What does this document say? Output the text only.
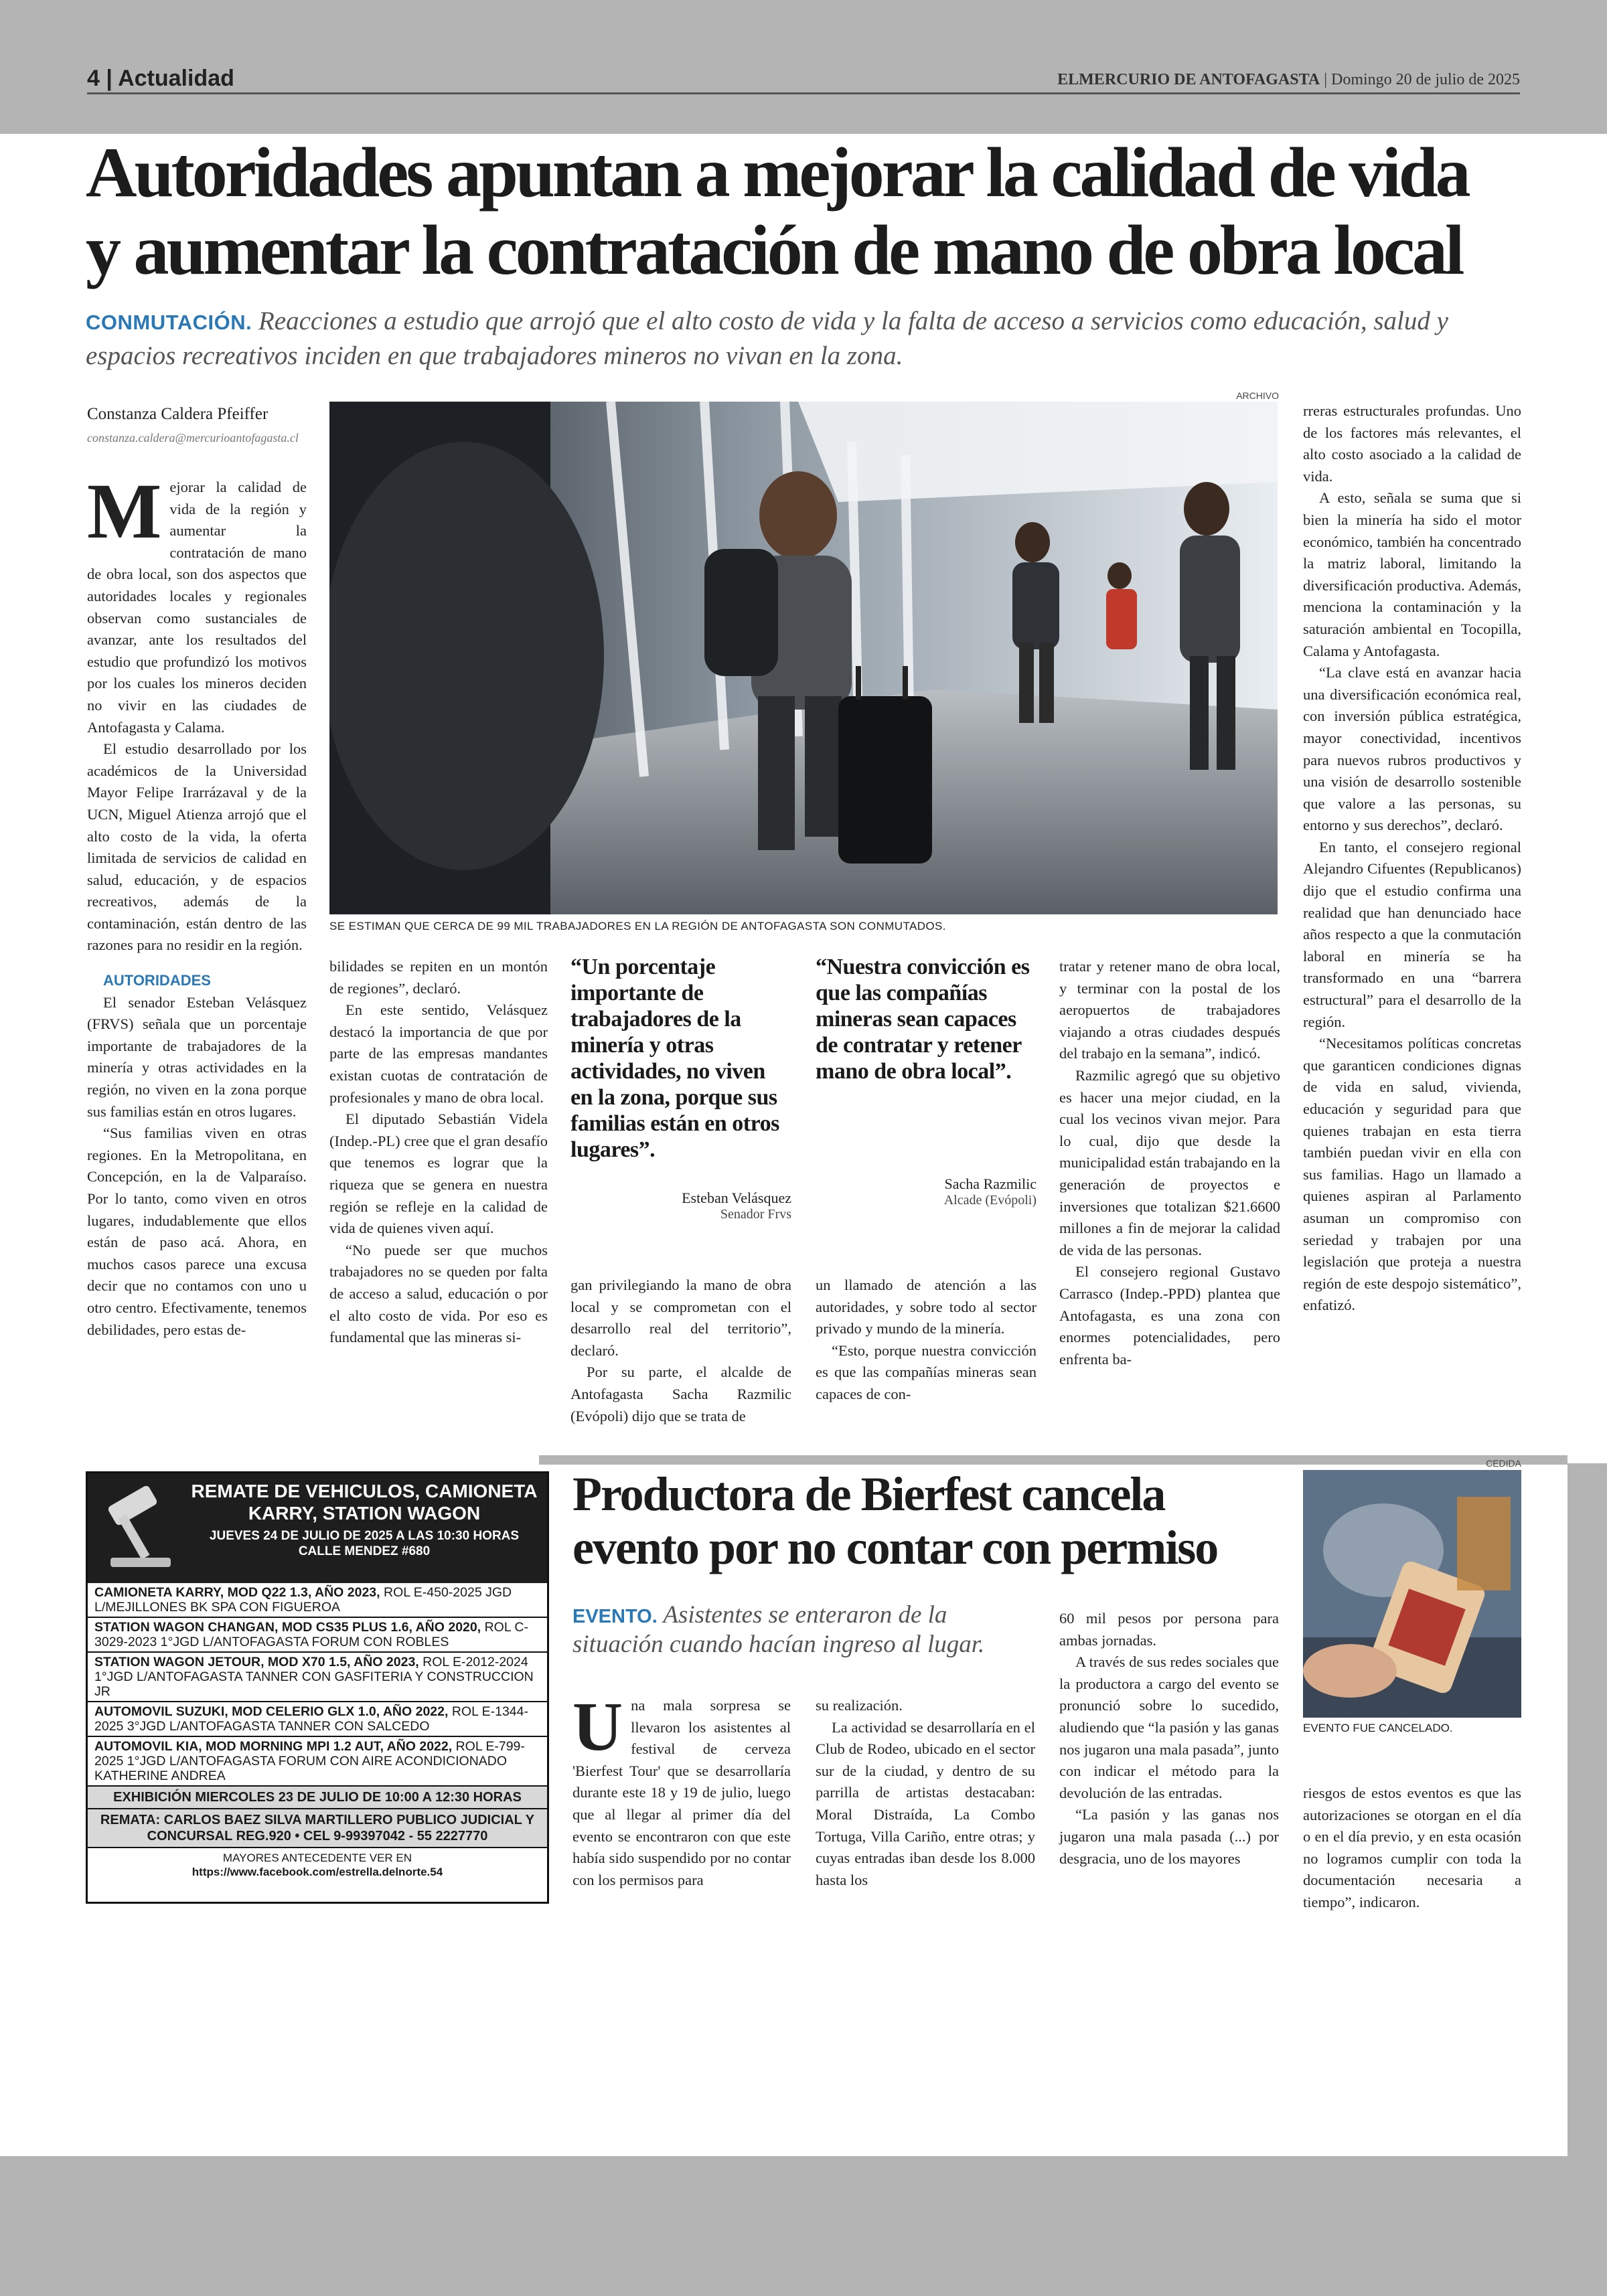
4 | Actualidad	ELMERCURIO DE ANTOFAGASTA | Domingo 20 de julio de 2025
Autoridades apuntan a mejorar la calidad de vida
y aumentar la contratación de mano de obra local
CONMUTACIÓN. Reacciones a estudio que arrojó que el alto costo de vida y la falta de acceso a servicios como educación, salud y espacios recreativos inciden en que trabajadores mineros no vivan en la zona.
Constanza Caldera Pfeiffer
constanza.caldera@mercurioantofagasta.cl

Mejorar la calidad de vida de la región y aumentar la contratación de mano de obra local, son dos aspectos que autoridades locales y regionales observan como sustanciales de avanzar, ante los resultados del estudio que profundizó los motivos por los cuales los mineros deciden no vivir en las ciudades de Antofagasta y Calama.

El estudio desarrollado por los académicos de la Universidad Mayor Felipe Irarrázaval y de la UCN, Miguel Atienza arrojó que el alto costo de la vida, la oferta limitada de servicios de calidad en salud, educación, y de espacios recreativos, además de la contaminación, están dentro de las razones para no residir en la región.

AUTORIDADES

El senador Esteban Velásquez (FRVS) señala que un porcentaje importante de trabajadores de la minería y otras actividades en la región, no viven en la zona porque sus familias están en otros lugares.

“Sus familias viven en otras regiones. En la Metropolitana, en Concepción, en la de Valparaíso. Por lo tanto, como viven en otros lugares, indudablemente que ellos están de paso acá. Ahora, en muchos casos parece una excusa decir que no contamos con uno u otro centro. Efectivamente, tenemos debilidades, pero estas de-

ARCHIVO
SE ESTIMAN QUE CERCA DE 99 MIL TRABAJADORES EN LA REGIÓN DE ANTOFAGASTA SON CONMUTADOS.

bilidades se repiten en un montón de regiones”, declaró.

En este sentido, Velásquez destacó la importancia de que por parte de las empresas mandantes existan cuotas de contratación de profesionales y mano de obra local.

El diputado Sebastián Videla (Indep.-PL) cree que el gran desafío que tenemos es lograr que la riqueza que se genera en nuestra región se refleje en la calidad de vida de quienes viven aquí.

“No puede ser que muchos trabajadores no se queden por falta de acceso a salud, educación o por el alto costo de vida. Por eso es fundamental que las mineras si-

“Un porcentaje importante de trabajadores de la minería y otras actividades, no viven en la zona, porque sus familias están en otros lugares”.
Esteban Velásquez
Senador Frvs

gan privilegiando la mano de obra local y se comprometan con el desarrollo real del territorio”, declaró.

Por su parte, el alcalde de Antofagasta Sacha Razmilic (Evópoli) dijo que se trata de

“Nuestra convicción es que las compañías mineras sean capaces de contratar y retener mano de obra local”.
Sacha Razmilic
Alcade (Evópoli)

un llamado de atención a las autoridades, y sobre todo al sector privado y mundo de la minería.

“Esto, porque nuestra convicción es que las compañías mineras sean capaces de con-

tratar y retener mano de obra local, y terminar con la postal de los aeropuertos de trabajadores viajando a otras ciudades después del trabajo en la semana”, indicó.

Razmilic agregó que su objetivo es hacer una mejor ciudad, en la cual los vecinos vivan mejor. Para lo cual, dijo que desde la municipalidad están trabajando en la generación de proyectos e inversiones que totalizan $21.6600 millones a fin de mejorar la calidad de vida de las personas.

El consejero regional Gustavo Carrasco (Indep.-PPD) plantea que Antofagasta, es una zona con enormes potencialidades, pero enfrenta ba-

rreras estructurales profundas. Uno de los factores más relevantes, el alto costo asociado a la calidad de vida.

A esto, señala se suma que si bien la minería ha sido el motor económico, también ha concentrado la matriz laboral, limitando la diversificación productiva. Además, menciona la contaminación y la saturación ambiental en Tocopilla, Calama y Antofagasta.

“La clave está en avanzar hacia una diversificación económica real, con inversión pública estratégica, mayor conectividad, incentivos para nuevos rubros productivos y una visión de desarrollo sostenible que valore a las personas, su entorno y sus derechos”, declaró.

En tanto, el consejero regional Alejandro Cifuentes (Republicanos) dijo que el estudio confirma una realidad que han denunciado hace años respecto a que la conmutación laboral en minería se ha transformado en una “barrera estructural” para el desarrollo de la región.

“Necesitamos políticas concretas que garanticen condiciones dignas de vida en salud, vivienda, educación y seguridad para que quienes trabajan en esta tierra también puedan vivir en ella con sus familias. Hago un llamado a quienes aspiran al Parlamento asuman un compromiso con seriedad y trabajen por una legislación que proteja a nuestra región de este despojo sistemático”, enfatizó.

REMATE DE VEHICULOS, CAMIONETA KARRY, STATION WAGON
JUEVES 24 DE JULIO DE 2025 A LAS 10:30 HORAS
CALLE MENDEZ #680
CAMIONETA KARRY, MOD Q22 1.3, AÑO 2023, ROL E-450-2025 JGD L/MEJILLONES BK SPA CON FIGUEROA
STATION WAGON CHANGAN, MOD CS35 PLUS 1.6, AÑO 2020, ROL C-3029-2023 1°JGD L/ANTOFAGASTA FORUM CON ROBLES
STATION WAGON JETOUR, MOD X70 1.5, AÑO 2023, ROL E-2012-2024 1°JGD L/ANTOFAGASTA TANNER CON GASFITERIA Y CONSTRUCCION JR
AUTOMOVIL SUZUKI, MOD CELERIO GLX 1.0, AÑO 2022, ROL E-1344-2025 3°JGD L/ANTOFAGASTA TANNER CON SALCEDO
AUTOMOVIL KIA, MOD MORNING MPI 1.2 AUT, AÑO 2022, ROL E-799-2025 1°JGD L/ANTOFAGASTA FORUM CON AIRE ACONDICIONADO KATHERINE ANDREA
EXHIBICIÓN MIERCOLES 23 DE JULIO DE 10:00 A 12:30 HORAS
REMATA: CARLOS BAEZ SILVA MARTILLERO PUBLICO JUDICIAL Y CONCURSAL REG.920 • CEL 9-99397042 - 55 2227770
MAYORES ANTECEDENTE VER EN
https://www.facebook.com/estrella.delnorte.54
Productora de Bierfest cancela
evento por no contar con permiso
EVENTO. Asistentes se enteraron de la situación cuando hacían ingreso al lugar.

Una mala sorpresa se llevaron los asistentes al festival de cerveza 'Bierfest Tour' que se desarrollaría durante este 18 y 19 de julio, luego que al llegar al primer día del evento se encontraron con que este había sido suspendido por no contar con los permisos para

su realización.

La actividad se desarrollaría en el Club de Rodeo, ubicado en el sector sur de la ciudad, y dentro de su parrilla de artistas destacaban: Moral Distraída, La Combo Tortuga, Villa Cariño, entre otras; y cuyas entradas iban desde los 8.000 hasta los

60 mil pesos por persona para ambas jornadas.

A través de sus redes sociales que la productora a cargo del evento se pronunció sobre lo sucedido, aludiendo que “la pasión y las ganas nos jugaron una mala pasada”, junto con indicar el método para la devolución de las entradas.

“La pasión y las ganas nos jugaron una mala pasada (...) por desgracia, uno de los mayores

riesgos de estos eventos es que las autorizaciones se otorgan en el día o en el día previo, y en esta ocasión no logramos cumplir con toda la documentación necesaria a tiempo”, indicaron.

CEDIDA
EVENTO FUE CANCELADO.
